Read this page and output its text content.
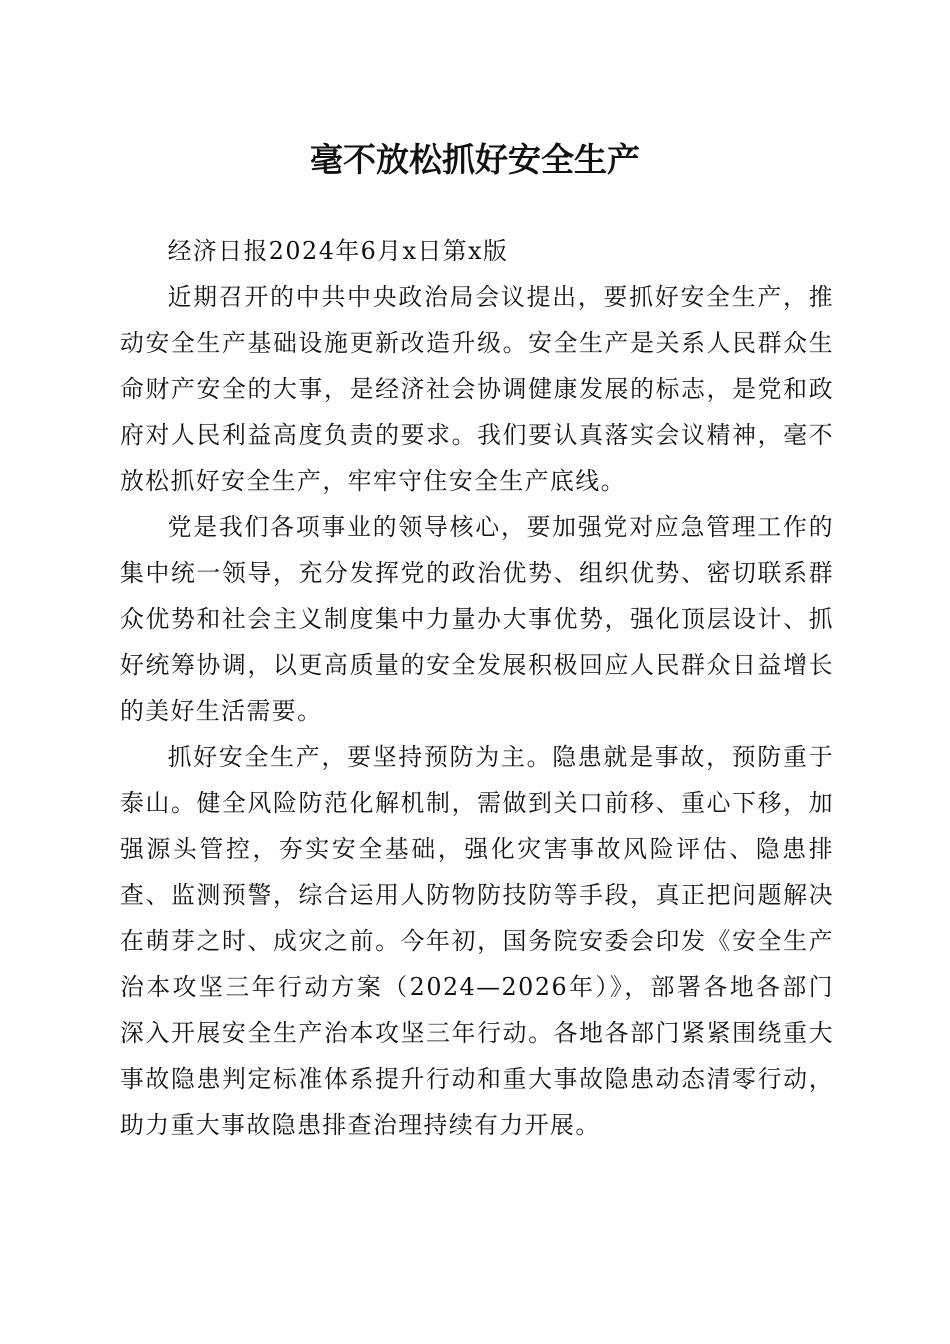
毫不放松抓好安全生产

经济日报2024年6月x日第x版

近期召开的中共中央政治局会议提出，要抓好安全生产，推动安全生产基础设施更新改造升级。安全生产是关系人民群众生命财产安全的大事，是经济社会协调健康发展的标志，是党和政府对人民利益高度负责的要求。我们要认真落实会议精神，毫不放松抓好安全生产，牢牢守住安全生产底线。

党是我们各项事业的领导核心，要加强党对应急管理工作的集中统一领导，充分发挥党的政治优势、组织优势、密切联系群众优势和社会主义制度集中力量办大事优势，强化顶层设计、抓好统筹协调，以更高质量的安全发展积极回应人民群众日益增长的美好生活需要。

抓好安全生产，要坚持预防为主。隐患就是事故，预防重于泰山。健全风险防范化解机制，需做到关口前移、重心下移，加强源头管控，夯实安全基础，强化灾害事故风险评估、隐患排查、监测预警，综合运用人防物防技防等手段，真正把问题解决在萌芽之时、成灾之前。今年初，国务院安委会印发《安全生产治本攻坚三年行动方案（2024—2026年）》，部署各地各部门深入开展安全生产治本攻坚三年行动。各地各部门紧紧围绕重大事故隐患判定标准体系提升行动和重大事故隐患动态清零行动，助力重大事故隐患排查治理持续有力开展。
